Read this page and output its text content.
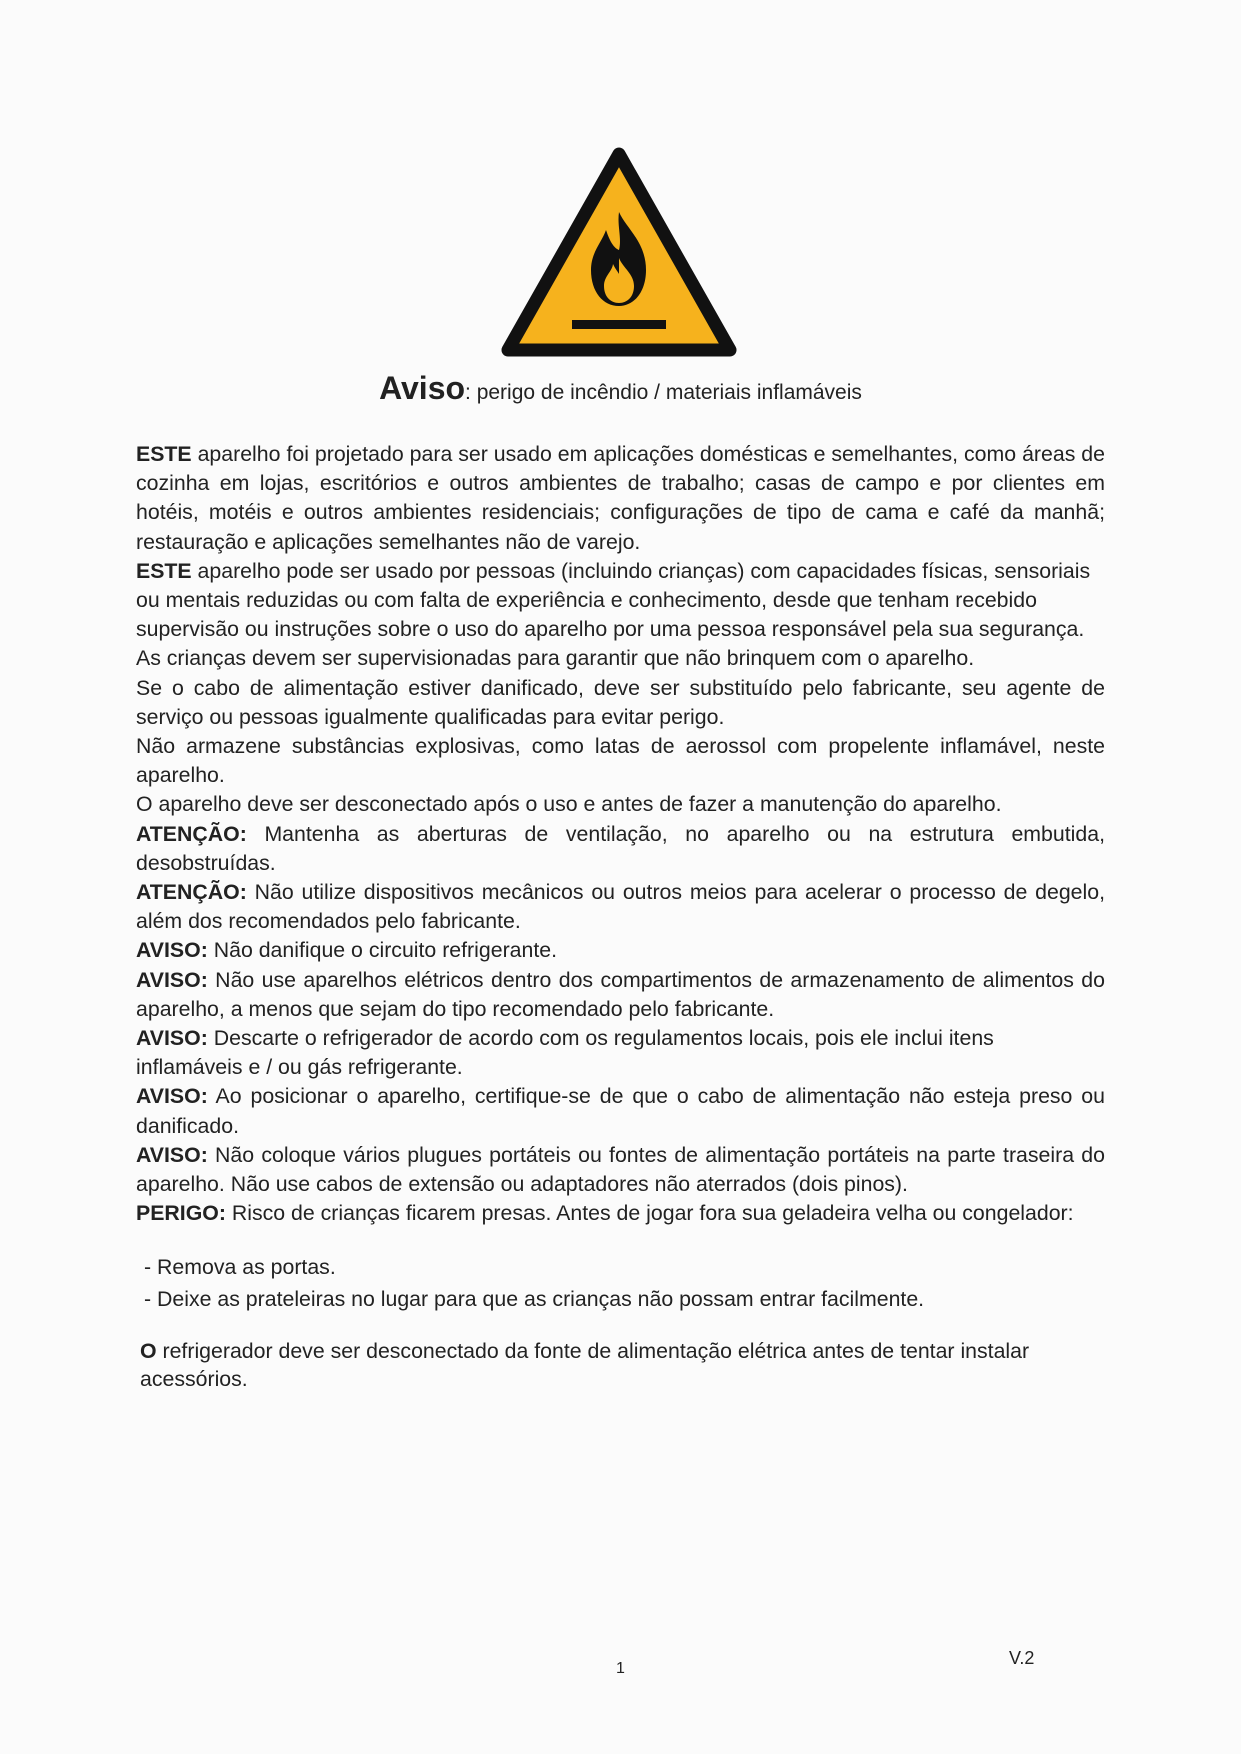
Aviso: perigo de incêndio / materiais inflamáveis

ESTE aparelho foi projetado para ser usado em aplicações domésticas e semelhantes, como áreas de cozinha em lojas, escritórios e outros ambientes de trabalho; casas de campo e por clientes em hotéis, motéis e outros ambientes residenciais; configurações de tipo de cama e café da manhã; restauração e aplicações semelhantes não de varejo.

ESTE aparelho pode ser usado por pessoas (incluindo crianças) com capacidades físicas, sensoriais ou mentais reduzidas ou com falta de experiência e conhecimento, desde que tenham recebido supervisão ou instruções sobre o uso do aparelho por uma pessoa responsável pela sua segurança. As crianças devem ser supervisionadas para garantir que não brinquem com o aparelho.

Se o cabo de alimentação estiver danificado, deve ser substituído pelo fabricante, seu agente de serviço ou pessoas igualmente qualificadas para evitar perigo.

Não armazene substâncias explosivas, como latas de aerossol com propelente inflamável, neste aparelho.

O aparelho deve ser desconectado após o uso e antes de fazer a manutenção do aparelho.

ATENÇÃO: Mantenha as aberturas de ventilação, no aparelho ou na estrutura embutida, desobstruídas.

ATENÇÃO: Não utilize dispositivos mecânicos ou outros meios para acelerar o processo de degelo, além dos recomendados pelo fabricante.

AVISO: Não danifique o circuito refrigerante.

AVISO: Não use aparelhos elétricos dentro dos compartimentos de armazenamento de alimentos do aparelho, a menos que sejam do tipo recomendado pelo fabricante.

AVISO: Descarte o refrigerador de acordo com os regulamentos locais, pois ele inclui itens inflamáveis e / ou gás refrigerante.

AVISO: Ao posicionar o aparelho, certifique-se de que o cabo de alimentação não esteja preso ou danificado.

AVISO: Não coloque vários plugues portáteis ou fontes de alimentação portáteis na parte traseira do aparelho. Não use cabos de extensão ou adaptadores não aterrados (dois pinos).

PERIGO: Risco de crianças ficarem presas. Antes de jogar fora sua geladeira velha ou congelador:

- Remova as portas.
- Deixe as prateleiras no lugar para que as crianças não possam entrar facilmente.

O refrigerador deve ser desconectado da fonte de alimentação elétrica antes de tentar instalar acessórios.

1
V.2
